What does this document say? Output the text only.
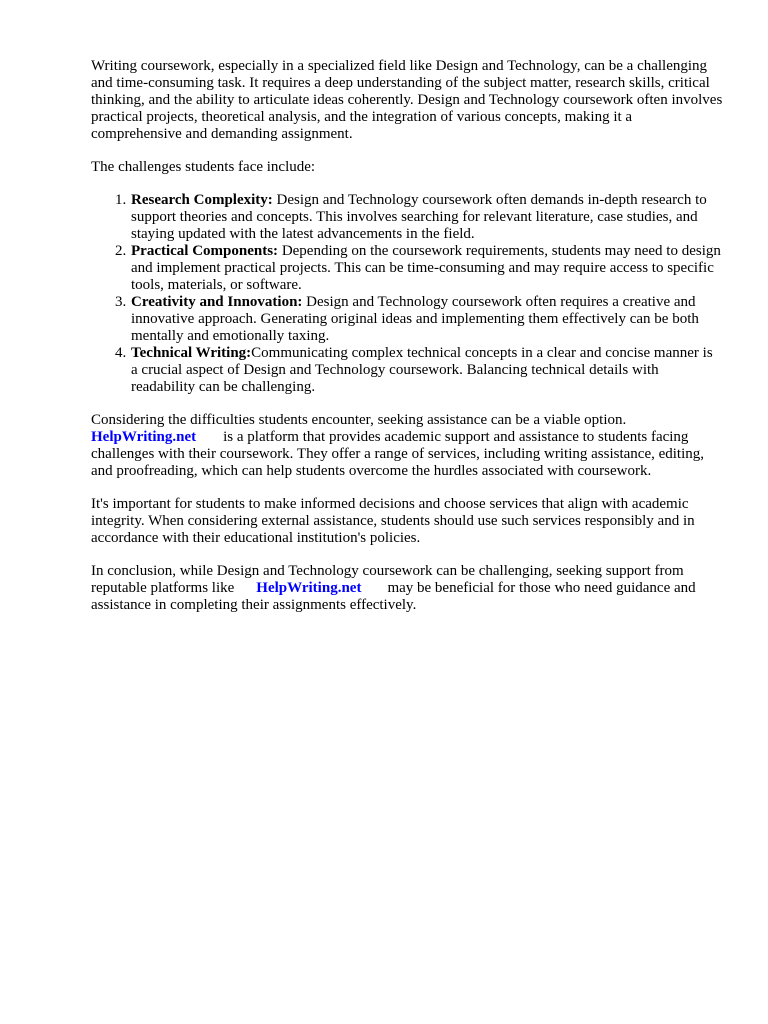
Writing coursework, especially in a specialized field like Design and Technology, can be a challenging and time-consuming task. It requires a deep understanding of the subject matter, research skills, critical thinking, and the ability to articulate ideas coherently. Design and Technology coursework often involves practical projects, theoretical analysis, and the integration of various concepts, making it a comprehensive and demanding assignment.

The challenges students face include:

1. Research Complexity: Design and Technology coursework often demands in-depth research to support theories and concepts. This involves searching for relevant literature, case studies, and staying updated with the latest advancements in the field.
2. Practical Components: Depending on the coursework requirements, students may need to design and implement practical projects. This can be time-consuming and may require access to specific tools, materials, or software.
3. Creativity and Innovation: Design and Technology coursework often requires a creative and innovative approach. Generating original ideas and implementing them effectively can be both mentally and emotionally taxing.
4. Technical Writing:Communicating complex technical concepts in a clear and concise manner is a crucial aspect of Design and Technology coursework. Balancing technical details with readability can be challenging.

Considering the difficulties students encounter, seeking assistance can be a viable option. HelpWriting.net is a platform that provides academic support and assistance to students facing challenges with their coursework. They offer a range of services, including writing assistance, editing, and proofreading, which can help students overcome the hurdles associated with coursework.

It's important for students to make informed decisions and choose services that align with academic integrity. When considering external assistance, students should use such services responsibly and in accordance with their educational institution's policies.

In conclusion, while Design and Technology coursework can be challenging, seeking support from reputable platforms like HelpWriting.net may be beneficial for those who need guidance and assistance in completing their assignments effectively.
